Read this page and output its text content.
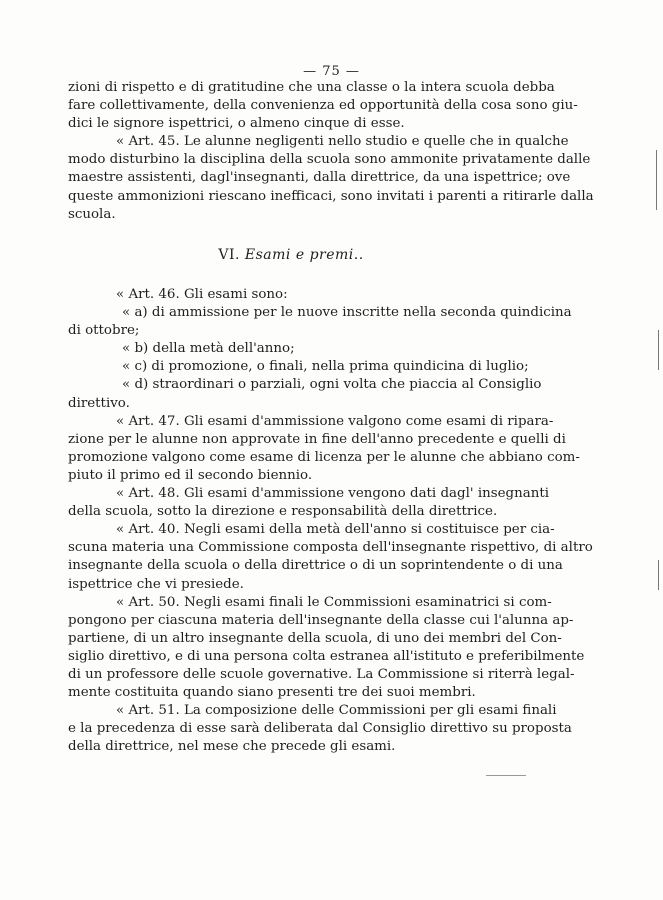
— 75 —
zioni di rispetto e di gratitudine che una classe o la intera scuola debba
fare collettivamente, della convenienza ed opportunità della cosa sono giu-
dici le signore ispettrici, o almeno cinque di esse.
« Art. 45. Le alunne negligenti nello studio e quelle che in qualche
modo disturbino la disciplina della scuola sono ammonite privatamente dalle
maestre assistenti, dagl'insegnanti, dalla direttrice, da una ispettrice; ove
queste ammonizioni riescano inefficaci, sono invitati i parenti a ritirarle dalla
scuola.
VI. Esami e premi..
« Art. 46. Gli esami sono:
« a) di ammissione per le nuove inscritte nella seconda quindicina
di ottobre;
« b) della metà dell'anno;
« c) di promozione, o finali, nella prima quindicina di luglio;
« d) straordinari o parziali, ogni volta che piaccia al Consiglio
direttivo.
« Art. 47. Gli esami d'ammissione valgono come esami di ripara-
zione per le alunne non approvate in fine dell'anno precedente e quelli di
promozione valgono come esame di licenza per le alunne che abbiano com-
piuto il primo ed il secondo biennio.
« Art. 48. Gli esami d'ammissione vengono dati dagl' insegnanti
della scuola, sotto la direzione e responsabilità della direttrice.
« Art. 40. Negli esami della metà dell'anno si costituisce per cia-
scuna materia una Commissione composta dell'insegnante rispettivo, di altro
insegnante della scuola o della direttrice o di un soprintendente o di una
ispettrice che vi presiede.
« Art. 50. Negli esami finali le Commissioni esaminatrici si com-
pongono per ciascuna materia dell'insegnante della classe cui l'alunna ap-
partiene, di un altro insegnante della scuola, di uno dei membri del Con-
siglio direttivo, e di una persona colta estranea all'istituto e preferibilmente
di un professore delle scuole governative. La Commissione si riterrà legal-
mente costituita quando siano presenti tre dei suoi membri.
« Art. 51. La composizione delle Commissioni per gli esami finali
e la precedenza di esse sarà deliberata dal Consiglio direttivo su proposta
della direttrice, nel mese che precede gli esami.
